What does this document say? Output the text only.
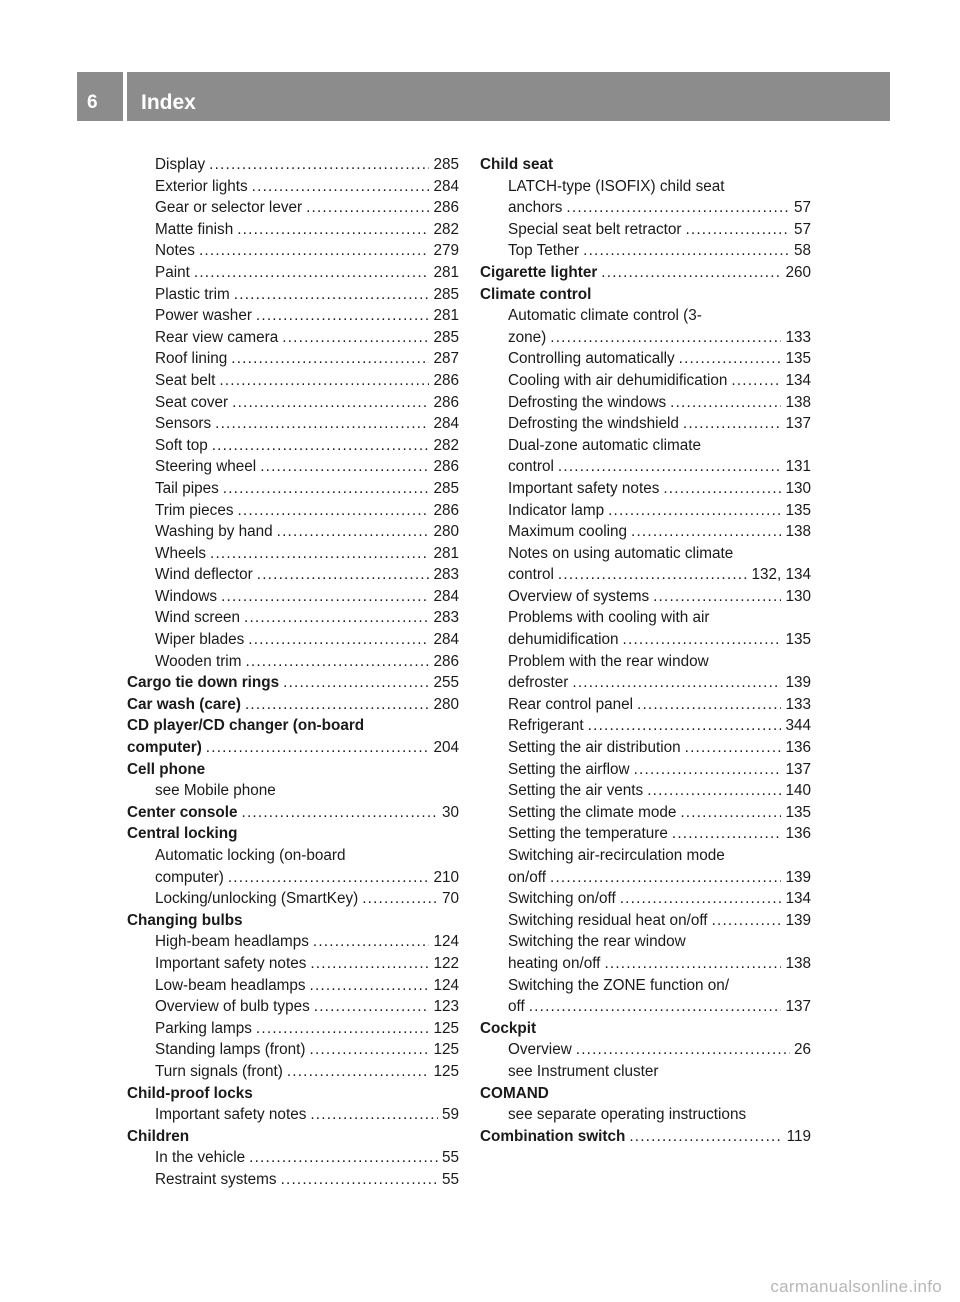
6	Index
Display .....	285
Exterior lights .....	284
Gear or selector lever .....	286
Matte finish .....	282
Notes .....	279
Paint .....	281
Plastic trim .....	285
Power washer .....	281
Rear view camera .....	285
Roof lining .....	287
Seat belt .....	286
Seat cover .....	286
Sensors .....	284
Soft top .....	282
Steering wheel .....	286
Tail pipes .....	285
Trim pieces .....	286
Washing by hand .....	280
Wheels .....	281
Wind deflector .....	283
Windows .....	284
Wind screen .....	283
Wiper blades .....	284
Wooden trim .....	286
Cargo tie down rings .....	255
Car wash (care) .....	280
CD player/CD changer (on-board
computer) .....	204
Cell phone
see Mobile phone
Center console .....	30
Central locking
Automatic locking (on-board
computer) .....	210
Locking/unlocking (SmartKey) .....	70
Changing bulbs
High-beam headlamps .....	124
Important safety notes .....	122
Low-beam headlamps .....	124
Overview of bulb types .....	123
Parking lamps .....	125
Standing lamps (front) .....	125
Turn signals (front) .....	125
Child-proof locks
Important safety notes .....	59
Children
In the vehicle .....	55
Restraint systems .....	55
Child seat
LATCH-type (ISOFIX) child seat
anchors .....	57
Special seat belt retractor .....	57
Top Tether .....	58
Cigarette lighter .....	260
Climate control
Automatic climate control (3-
zone) .....	133
Controlling automatically .....	135
Cooling with air dehumidification .....	134
Defrosting the windows .....	138
Defrosting the windshield .....	137
Dual-zone automatic climate
control .....	131
Important safety notes .....	130
Indicator lamp .....	135
Maximum cooling .....	138
Notes on using automatic climate
control .....	132, 134
Overview of systems .....	130
Problems with cooling with air
dehumidification .....	135
Problem with the rear window
defroster .....	139
Rear control panel .....	133
Refrigerant .....	344
Setting the air distribution .....	136
Setting the airflow .....	137
Setting the air vents .....	140
Setting the climate mode .....	135
Setting the temperature .....	136
Switching air-recirculation mode
on/off .....	139
Switching on/off .....	134
Switching residual heat on/off .....	139
Switching the rear window
heating on/off .....	138
Switching the ZONE function on/
off .....	137
Cockpit
Overview .....	26
see Instrument cluster
COMAND
see separate operating instructions
Combination switch .....	119
carmanualsonline.info
